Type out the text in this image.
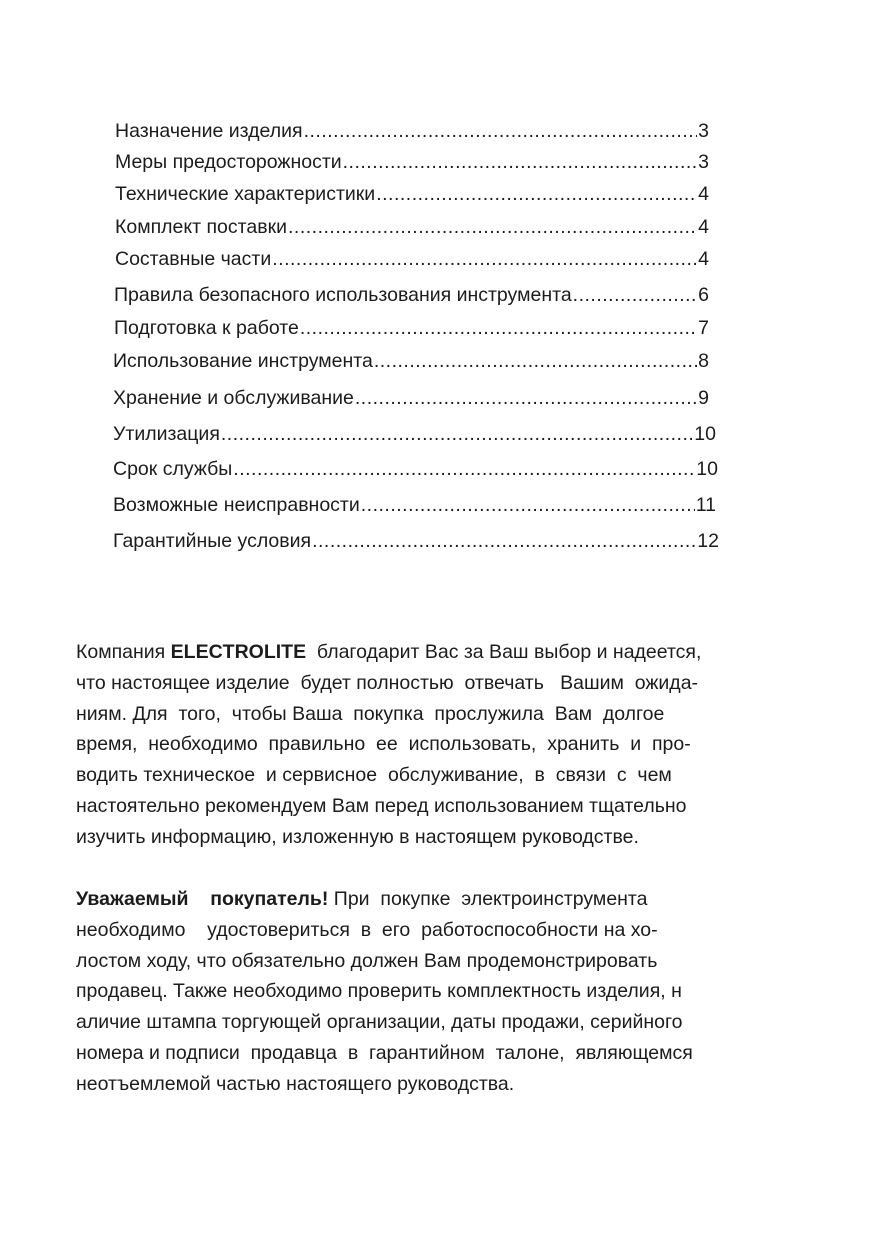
Назначение изделия .....	3
Меры предосторожности .....	3
Технические характеристики .....	4
Комплект поставки .....	4
Составные части .....	4
Правила безопасного использования инструмента .....	6
Подготовка к работе .....	7
Использование инструмента .....	8
Хранение и обслуживание .....	9
Утилизация .....	10
Срок службы .....	10
Возможные неисправности .....	11
Гарантийные условия .....	12
Компания ELECTROLITE  благодарит Вас за Ваш выбор и надеется,
что настоящее изделие  будет полностью  отвечать   Вашим  ожида-
ниям. Для  того,  чтобы Ваша  покупка  прослужила  Вам  долгое
время,  необходимо  правильно  ее  использовать,  хранить  и  про-
водить техническое  и сервисное  обслуживание,  в  связи  с  чем
настоятельно рекомендуем Вам перед использованием тщательно
изучить информацию, изложенную в настоящем руководстве.
Уважаемый    покупатель! При  покупке  электроинструмента
необходимо    удостовериться  в  его  работоспособности на хо-
лостом ходу, что обязательно должен Вам продемонстрировать
продавец. Также необходимо проверить комплектность изделия, н
аличие штампа торгующей организации, даты продажи, серийного
номера и подписи  продавца  в  гарантийном  талоне,  являющемся
неотъемлемой частью настоящего руководства.
